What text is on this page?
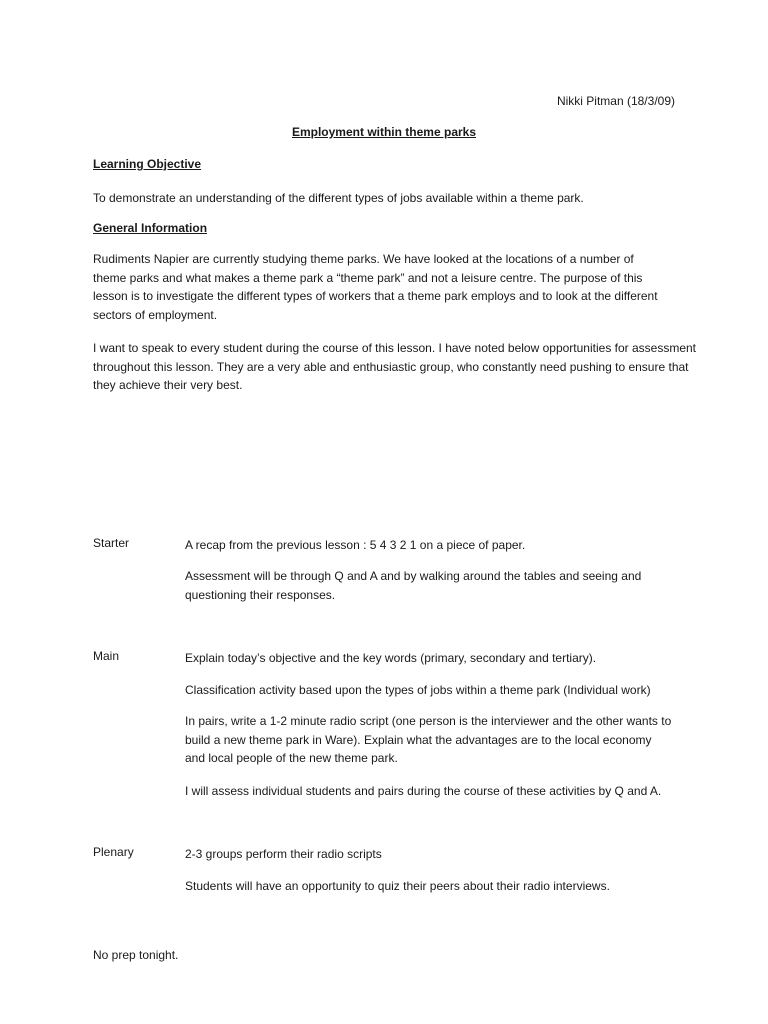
Nikki Pitman (18/3/09)
Employment within theme parks
Learning Objective
To demonstrate an understanding of the different types of jobs available within a theme park.
General Information
Rudiments Napier are currently studying theme parks. We have looked at the locations of a number of theme parks and what makes a theme park a “theme park” and not a leisure centre. The purpose of this lesson is to investigate the different types of workers that a theme park employs and to look at the different sectors of employment.
I want to speak to every student during the course of this lesson. I have noted below opportunities for assessment throughout this lesson. They are a very able and enthusiastic group, who constantly need pushing to ensure that they achieve their very best.
Starter	A recap from the previous lesson : 5 4 3 2 1 on a piece of paper.
Assessment will be through Q and A and by walking around the tables and seeing and questioning their responses.
Main	Explain today’s objective and the key words (primary, secondary and tertiary).
Classification activity based upon the types of jobs within a theme park (Individual work)
In pairs, write a 1-2 minute radio script (one person is the interviewer and the other wants to build a new theme park in Ware). Explain what the advantages are to the local economy and local people of the new theme park.
I will assess individual students and pairs during the course of these activities by Q and A.
Plenary	2-3 groups perform their radio scripts
Students will have an opportunity to quiz their peers about their radio interviews.
No prep tonight.
